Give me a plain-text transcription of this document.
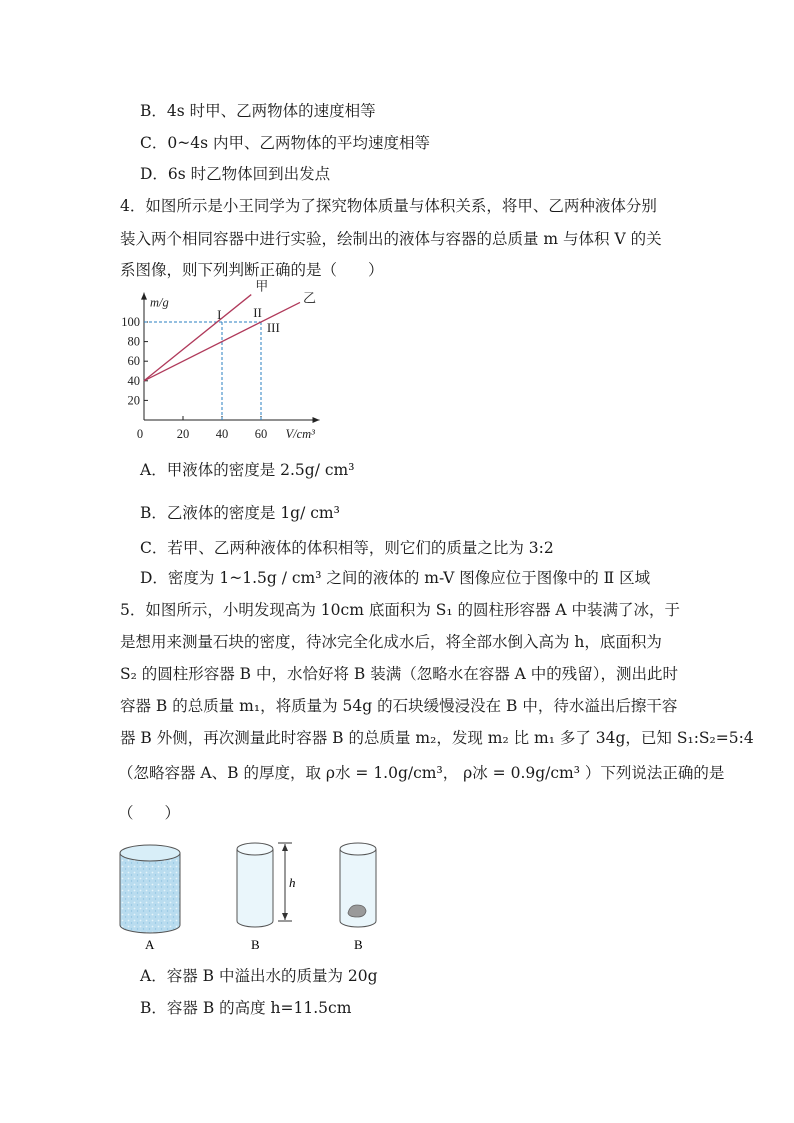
B．4s 时甲、乙两物体的速度相等
C．0~4s 内甲、乙两物体的平均速度相等
D．6s 时乙物体回到出发点
4．如图所示是小王同学为了探究物体质量与体积关系，将甲、乙两种液体分别
装入两个相同容器中进行实验，绘制出的液体与容器的总质量 m 与体积 V 的关
系图像，则下列判断正确的是（　　）
20
40
60
80
100
0	20 40 60
甲
乙
I II
III
m/g
V/cm³
A．甲液体的密度是 2.5g/ cm³
B．乙液体的密度是 1g/ cm³
C．若甲、乙两种液体的体积相等，则它们的质量之比为 3:2
D．密度为 1~1.5g / cm³ 之间的液体的 m-V 图像应位于图像中的 Ⅱ 区域
5．如图所示，小明发现高为 10cm 底面积为 S₁ 的圆柱形容器 A 中装满了冰，于
是想用来测量石块的密度，待冰完全化成水后，将全部水倒入高为 h，底面积为
S₂ 的圆柱形容器 B 中，水恰好将 B 装满（忽略水在容器 A 中的残留），测出此时
容器 B 的总质量 m₁，将质量为 54g 的石块缓慢浸没在 B 中，待水溢出后擦干容
器 B 外侧，再次测量此时容器 B 的总质量 m₂，发现 m₂ 比 m₁ 多了 34g，已知 S₁:S₂=5:4
（忽略容器 A、B 的厚度，取 ρ水 = 1.0g/cm³， ρ冰 = 0.9g/cm³ ）下列说法正确的是
（　　）
A
h
B	B
A．容器 B 中溢出水的质量为 20g
B．容器 B 的高度 h=11.5cm
